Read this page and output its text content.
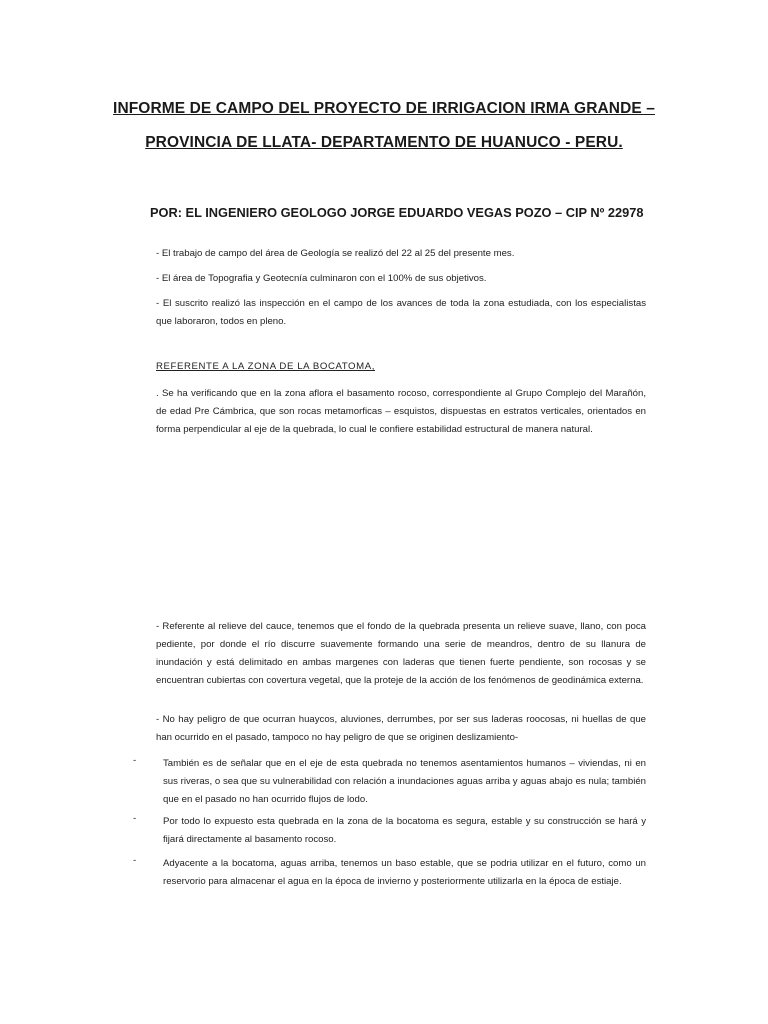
INFORME DE CAMPO DEL PROYECTO DE IRRIGACION IRMA GRANDE –
PROVINCIA DE LLATA- DEPARTAMENTO DE HUANUCO - PERU.
POR: EL INGENIERO GEOLOGO JORGE EDUARDO VEGAS POZO – CIP Nº 22978
- El trabajo de campo del área de Geología se realizó del 22 al 25 del presente mes.
- El área de Topografia y Geotecnía culminaron con el 100% de sus objetivos.
- El suscrito realizó las inspección en el campo de los avances de toda la zona estudiada, con los especialistas que laboraron, todos en pleno.
REFERENTE A LA ZONA DE LA BOCATOMA,
. Se ha verificando que en la zona aflora el basamento rocoso, correspondiente al Grupo Complejo del Marañón, de edad Pre Cámbrica, que son rocas metamorficas – esquistos, dispuestas en estratos verticales, orientados en forma perpendicular al eje de la quebrada, lo cual le confiere estabilidad estructural de manera natural.
- Referente al relieve del cauce, tenemos que el fondo de la quebrada presenta un relieve suave, llano, con poca pediente, por donde el río discurre suavemente formando una serie de meandros, dentro de su llanura de inundación y está delimitado en ambas margenes con laderas que tienen fuerte pendiente, son rocosas y se encuentran cubiertas con covertura vegetal, que la proteje de la acción de los fenómenos de geodinámica externa.
- No hay peligro de que ocurran huaycos, aluviones, derrumbes, por ser sus laderas roocosas, ni huellas de que han ocurrido en el pasado, tampoco no hay peligro de que se originen deslizamiento-
-	También es de señalar que en el eje de esta quebrada no tenemos asentamientos humanos – viviendas, ni en sus riveras, o sea que su vulnerabilidad con relación a inundaciones aguas arriba y aguas abajo es nula; también que en el pasado no han ocurrido flujos de lodo.
-	Por todo lo expuesto esta quebrada en la zona de la bocatoma es segura, estable y su construcción se hará y fijará directamente al basamento rocoso.
-	Adyacente a la bocatoma, aguas arriba, tenemos un baso estable, que se podria utilizar en el futuro, como un reservorio para almacenar el agua en la época de invierno y posteriormente utilizarla en la época de estiaje.
